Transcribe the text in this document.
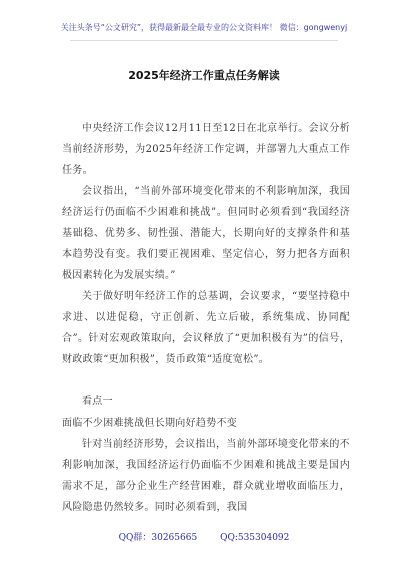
关注头条号“公文研究”，获得最新最全最专业的公文资料库！ 微信：gongwenyj
2025年经济工作重点任务解读
中央经济工作会议12月11日至12日在北京举行。会议分析当前经济形势，为2025年经济工作定调，并部署九大重点工作任务。
会议指出，“当前外部环境变化带来的不利影响加深，我国经济运行仍面临不少困难和挑战”。但同时必须看到“我国经济基础稳、优势多、韧性强、潜能大，长期向好的支撑条件和基本趋势没有变。我们要正视困难、坚定信心，努力把各方面积极因素转化为发展实绩。”
关于做好明年经济工作的总基调，会议要求，“要坚持稳中求进、以进促稳，守正创新、先立后破，系统集成、协同配合”。针对宏观政策取向，会议释放了“更加积极有为”的信号，财政政策“更加积极”，货币政策“适度宽松”。
看点一
面临不少困难挑战但长期向好趋势不变
针对当前经济形势，会议指出，当前外部环境变化带来的不利影响加深，我国经济运行仍面临不少困难和挑战主要是国内需求不足，部分企业生产经营困难，群众就业增收面临压力，风险隐患仍然较多。同时必须看到，我国
QQ群：30265665	QQ:535304092
